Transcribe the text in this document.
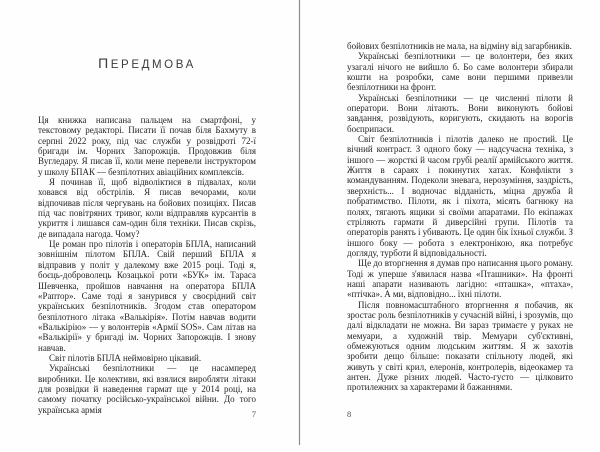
ПЕРЕДМОВА

Ця книжка написана пальцем на смартфоні, у текстовому редакторі. Писати її почав біля Бахмуту в серпні 2022 року, під час служби у розвідроті 72-ї бригади ім. Чорних Запорожців. Продовжив біля Вугледару. Я писав її, коли мене перевели інструктором у школу БПАК — безпілотних авіаційних комплексів.

Я починав її, щоб відволіктися в підвалах, коли ховався від обстрілів. Я писав вечорами, коли відпочивав після чергувань на бойових позиціях. Писав під час повітряних тривог, коли відправляв курсантів в укриття і лишався сам-один біля техніки. Писав скрізь, де випадала нагода. Чому?

Це роман про пілотів і операторів БПЛА, написаний зовнішнім пілотом БПЛА. Свій перший БПЛА я відправив у політ у далекому вже 2015 році. Тоді я, боєць-доброволець Козацької роти «БУК» ім. Тараса Шевченка, пройшов навчання на оператора БПЛА «Раптор». Саме тоді я занурився у своєрідний світ українських безпілотників. Згодом став оператором безпілотного літака «Валькірія». Потім навчав водити «Валькірію» — у волонтерів «Армії SOS». Сам літав на «Валькірії» у бригаді ім. Чорних Запорожців. І знову навчав.

Світ пілотів БПЛА неймовірно цікавий.

Українські безпілотники — це насамперед виробники. Це колективи, які взялися виробляти літаки для розвідки й наведення гармат ще у 2014 році, на самому початку російсько-української війни. До того українська армія	7

бойових безпілотників не мала, на відміну від загарбників.

Українські безпілотники — це волонтери, без яких узагалі нічого не вийшло б. Бо саме волонтери збирали кошти на розробки, саме вони першими привезли безпілотники на фронт.

Українські безпілотники — це численні пілоти й оператори. Вони літають. Вони виконують бойові завдання, розвідують, коригують, скидають на ворогів боєприпаси.

Світ безпілотників і пілотів далеко не простий. Це вічний контраст. З одного боку — надсучасна техніка, з іншого — жорсткі й часом грубі реалії армійського життя. Життя в сараях і покинутих хатах. Конфлікти з командуванням. Подеколи зневага, нерозуміння, заздрість, зверхність... І водночас відданість, міцна дружба й побратимство. Пілоти, як і піхота, місять багнюку на полях, тягають ящики зі своїми апаратами. По екіпажах стріляють гармати й диверсійні групи. Пілотів та операторів ранять і убивають. Це один бік їхньої служби. З іншого боку — робота з електронікою, яка потребує догляду, турботи й відповідальності.

Ще до вторгнення я думав про написання цього роману. Тоді ж уперше з'явилася назва «Пташники». На фронті наші апарати називають лагідно: «пташка», «птаха», «птічка». А ми, відповідно... їхні пілоти.

Після повномасштабного вторгнення я побачив, як зростає роль безпілотників у сучасній війні, і зрозумів, що далі відкладати не можна. Ви зараз тримаєте у руках не мемуари, а художній твір. Мемуари суб'єктивні, обмежуються одним людським життям. Я ж захотів зробити дещо більше: показати спільноту людей, які живуть у світі крил, елеронів, контролерів, відеокамер та антен. Дуже різних людей. Часто-густо — цілковито протилежних за характерами й бажаннями.

8
